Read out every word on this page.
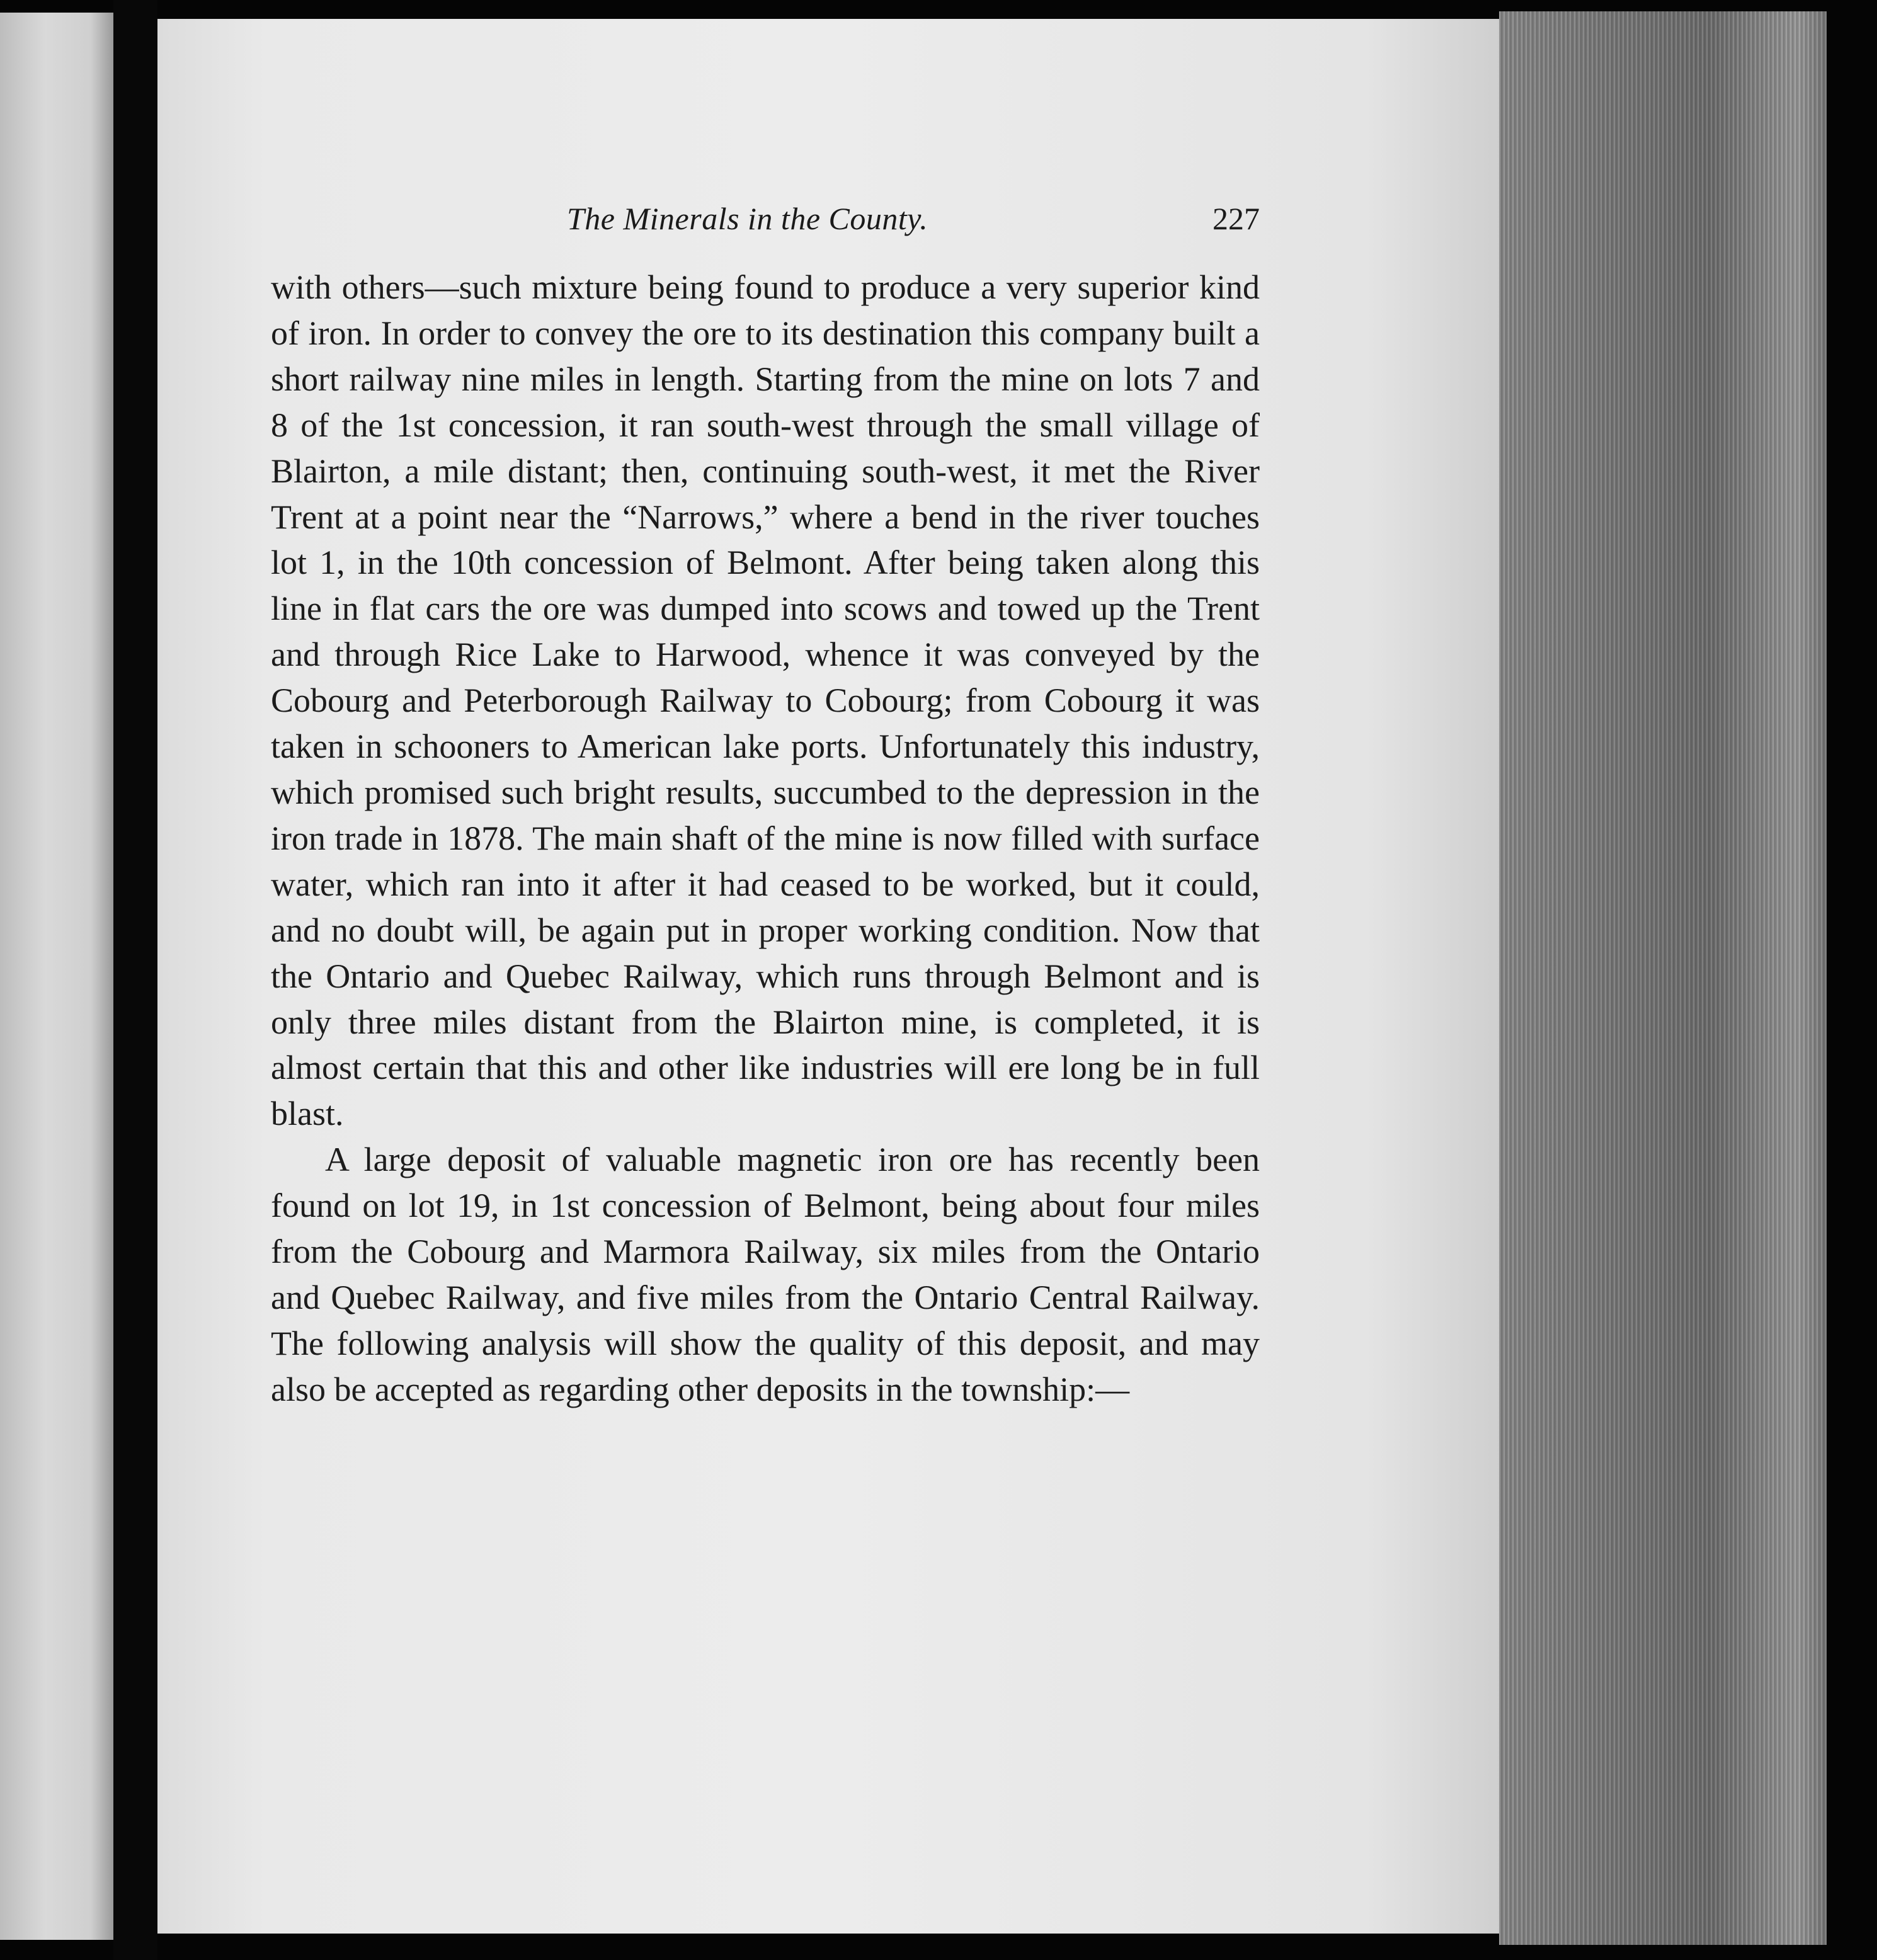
The Minerals in the County.	227

with others—such mixture being found to produce a very superior kind of iron. In order to convey the ore to its destination this company built a short railway nine miles in length. Starting from the mine on lots 7 and 8 of the 1st concession, it ran south-west through the small village of Blairton, a mile distant; then, continuing south-west, it met the River Trent at a point near the “Narrows,” where a bend in the river touches lot 1, in the 10th concession of Belmont. After being taken along this line in flat cars the ore was dumped into scows and towed up the Trent and through Rice Lake to Harwood, whence it was conveyed by the Cobourg and Peterborough Railway to Cobourg; from Cobourg it was taken in schooners to American lake ports. Unfortunately this industry, which promised such bright results, succumbed to the depression in the iron trade in 1878. The main shaft of the mine is now filled with surface water, which ran into it after it had ceased to be worked, but it could, and no doubt will, be again put in proper working condition. Now that the Ontario and Quebec Railway, which runs through Belmont and is only three miles distant from the Blairton mine, is completed, it is almost certain that this and other like industries will ere long be in full blast.

A large deposit of valuable magnetic iron ore has recently been found on lot 19, in 1st concession of Belmont, being about four miles from the Cobourg and Marmora Railway, six miles from the Ontario and Quebec Railway, and five miles from the Ontario Central Railway. The following analysis will show the quality of this deposit, and may also be accepted as regarding other deposits in the township:—
